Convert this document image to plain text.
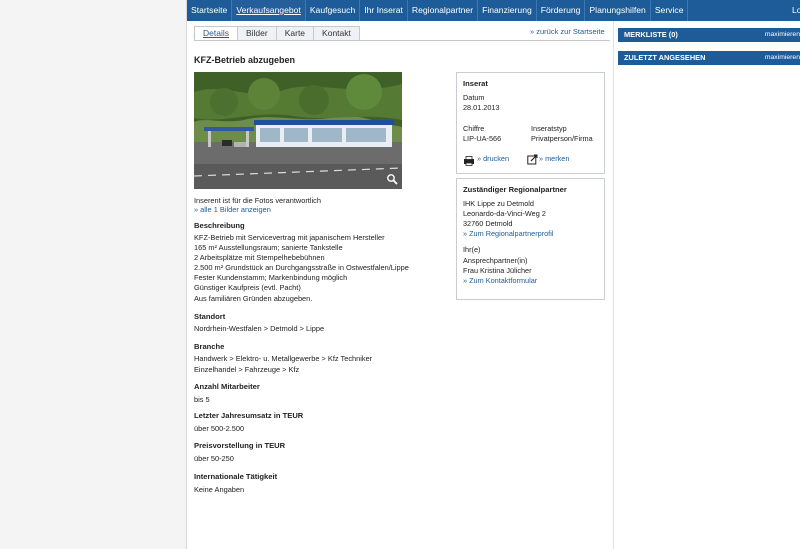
Startseite	Verkaufsangebot	Kaufgesuch	Ihr Inserat	Regionalpartner	Finanzierung	Förderung	Planungshilfen	Service	Lo
Details	Bilder	Karte	Kontakt	» zurück zur Startseite
KFZ-Betrieb abzugeben
Inserent ist für die Fotos verantwortlich
» alle 1 Bilder anzeigen
Beschreibung
KFZ-Betrieb mit Servicevertrag mit japanischem Hersteller
165 m² Ausstellungsraum; sanierte Tankstelle
2 Arbeitsplätze mit Stempelhebebühnen
2.500 m² Grundstück an Durchgangsstraße in Ostwestfalen/Lippe
Fester Kundenstamm; Markenbindung möglich
Günstiger Kaufpreis (evtl. Pacht)
Aus familiären Gründen abzugeben.
Standort
Nordrhein-Westfalen > Detmold > Lippe
Branche
Handwerk > Elektro- u. Metallgewerbe > Kfz Techniker
Einzelhandel > Fahrzeuge > Kfz
Anzahl Mitarbeiter
bis 5
Letzter Jahresumsatz in TEUR
über 500-2.500
Preisvorstellung in TEUR
über 50-250
Internationale Tätigkeit
Keine Angaben
Inserat
Datum
28.01.2013
Chiffre
LIP-UA-566
Inseratstyp
Privatperson/Firma
» drucken	» merken
Zuständiger Regionalpartner
IHK Lippe zu Detmold
Leonardo-da-Vinci-Weg 2
32760 Detmold
» Zum Regionalpartnerprofil
Ihr(e)
Ansprechpartner(in)
Frau Kristina Jülicher
» Zum Kontaktformular
MERKLISTE (0)	maximieren
ZULETZT ANGESEHEN	maximieren
